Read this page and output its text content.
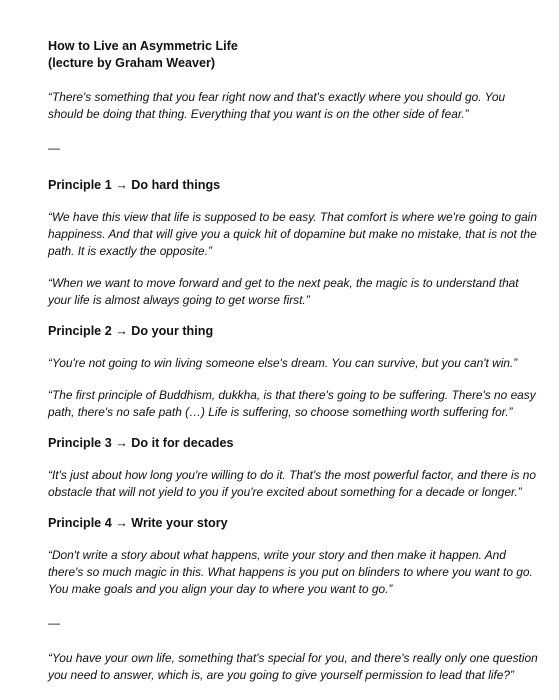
How to Live an Asymmetric Life

(lecture by Graham Weaver)

“There's something that you fear right now and that's exactly where you should go. You should be doing that thing. Everything that you want is on the other side of fear.”

—

Principle 1 → Do hard things

“We have this view that life is supposed to be easy. That comfort is where we're going to gain happiness. And that will give you a quick hit of dopamine but make no mistake, that is not the path. It is exactly the opposite.”

“When we want to move forward and get to the next peak, the magic is to understand that your life is almost always going to get worse first.”

Principle 2 → Do your thing

“You're not going to win living someone else's dream. You can survive, but you can't win.”

“The first principle of Buddhism, dukkha, is that there's going to be suffering. There's no easy path, there's no safe path (…) Life is suffering, so choose something worth suffering for.”

Principle 3 → Do it for decades

“It's just about how long you're willing to do it. That's the most powerful factor, and there is no obstacle that will not yield to you if you're excited about something for a decade or longer.”

Principle 4 → Write your story

“Don't write a story about what happens, write your story and then make it happen. And there's so much magic in this. What happens is you put on blinders to where you want to go. You make goals and you align your day to where you want to go.”

—

“You have your own life, something that's special for you, and there's really only one question you need to answer, which is, are you going to give yourself permission to lead that life?”
